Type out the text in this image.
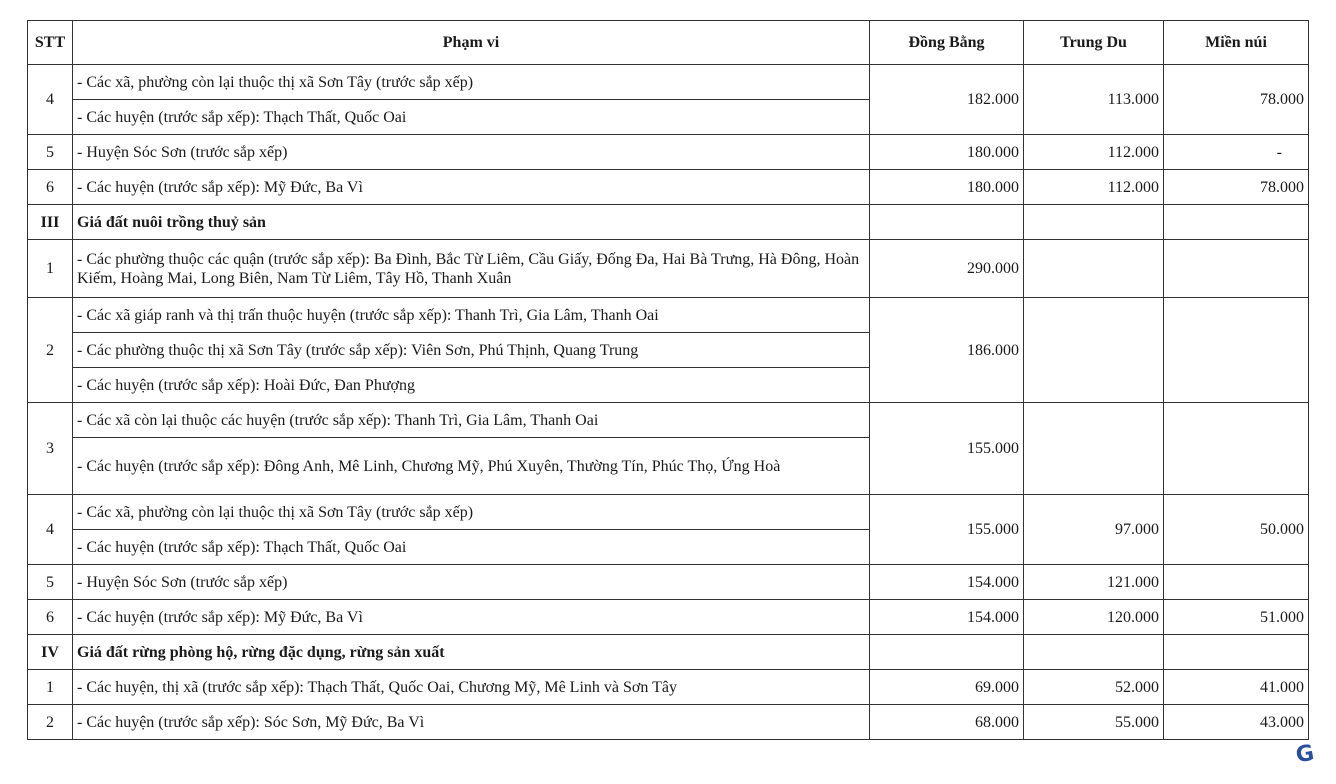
STT	Phạm vi	Đồng Bằng	Trung Du	Miền núi
4	- Các xã, phường còn lại thuộc thị xã Sơn Tây (trước sắp xếp)	182.000	113.000	78.000
	- Các huyện (trước sắp xếp): Thạch Thất, Quốc Oai			
5	- Huyện Sóc Sơn (trước sắp xếp)	180.000	112.000	-
6	- Các huyện (trước sắp xếp): Mỹ Đức, Ba Vì	180.000	112.000	78.000
III	Giá đất nuôi trồng thuỷ sản			
1	- Các phường thuộc các quận (trước sắp xếp): Ba Đình, Bắc Từ Liêm, Cầu Giấy, Đống Đa, Hai Bà Trưng, Hà Đông, Hoàn Kiếm, Hoàng Mai, Long Biên, Nam Từ Liêm, Tây Hồ, Thanh Xuân	290.000		
2	- Các xã giáp ranh và thị trấn thuộc huyện (trước sắp xếp): Thanh Trì, Gia Lâm, Thanh Oai	186.000		
	- Các phường thuộc thị xã Sơn Tây (trước sắp xếp): Viên Sơn, Phú Thịnh, Quang Trung			
	- Các huyện (trước sắp xếp): Hoài Đức, Đan Phượng			
3	- Các xã còn lại thuộc các huyện (trước sắp xếp): Thanh Trì, Gia Lâm, Thanh Oai	155.000		
	- Các huyện (trước sắp xếp): Đông Anh, Mê Linh, Chương Mỹ, Phú Xuyên, Thường Tín, Phúc Thọ, Ứng Hoà			
4	- Các xã, phường còn lại thuộc thị xã Sơn Tây (trước sắp xếp)	155.000	97.000	50.000
	- Các huyện (trước sắp xếp): Thạch Thất, Quốc Oai			
5	- Huyện Sóc Sơn (trước sắp xếp)	154.000	121.000	
6	- Các huyện (trước sắp xếp): Mỹ Đức, Ba Vì	154.000	120.000	51.000
IV	Giá đất rừng phòng hộ, rừng đặc dụng, rừng sản xuất			
1	- Các huyện, thị xã (trước sắp xếp): Thạch Thất, Quốc Oai, Chương Mỹ, Mê Linh và Sơn Tây	69.000	52.000	41.000
2	- Các huyện (trước sắp xếp): Sóc Sơn, Mỹ Đức, Ba Vì	68.000	55.000	43.000
G
